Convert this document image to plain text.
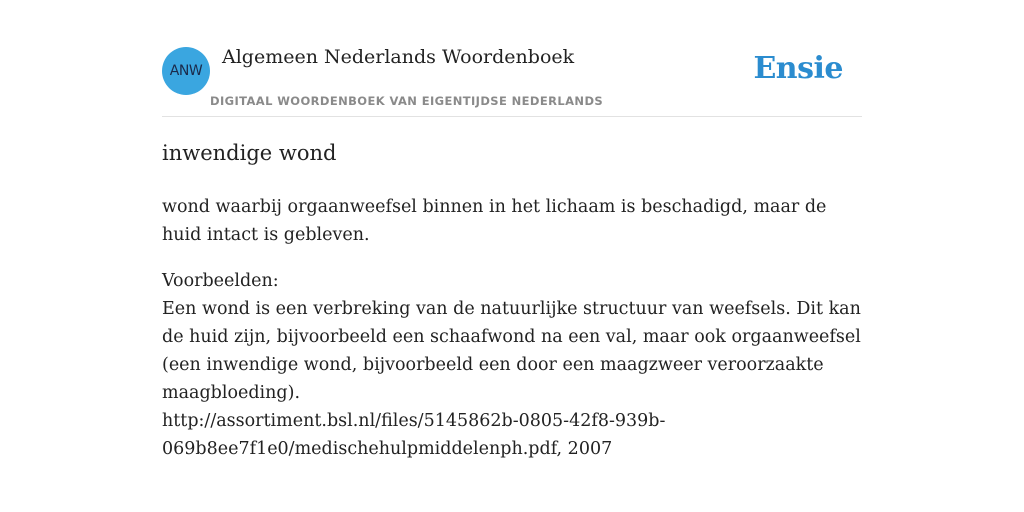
ANW
Algemeen Nederlands Woordenboek
DIGITAAL WOORDENBOEK VAN EIGENTIJDSE NEDERLANDS
Ensie
inwendige wond
wond waarbij orgaanweefsel binnen in het lichaam is beschadigd, maar de huid intact is gebleven.
Voorbeelden:
Een wond is een verbreking van de natuurlijke structuur van weefsels. Dit kan de huid zijn, bijvoorbeeld een schaafwond na een val, maar ook orgaanweefsel (een inwendige wond, bijvoorbeeld een door een maagzweer veroorzaakte maagbloeding).
http://assortiment.bsl.nl/files/5145862b-0805-42f8-939b-069b8ee7f1e0/medischehulpmiddelenph.pdf, 2007
